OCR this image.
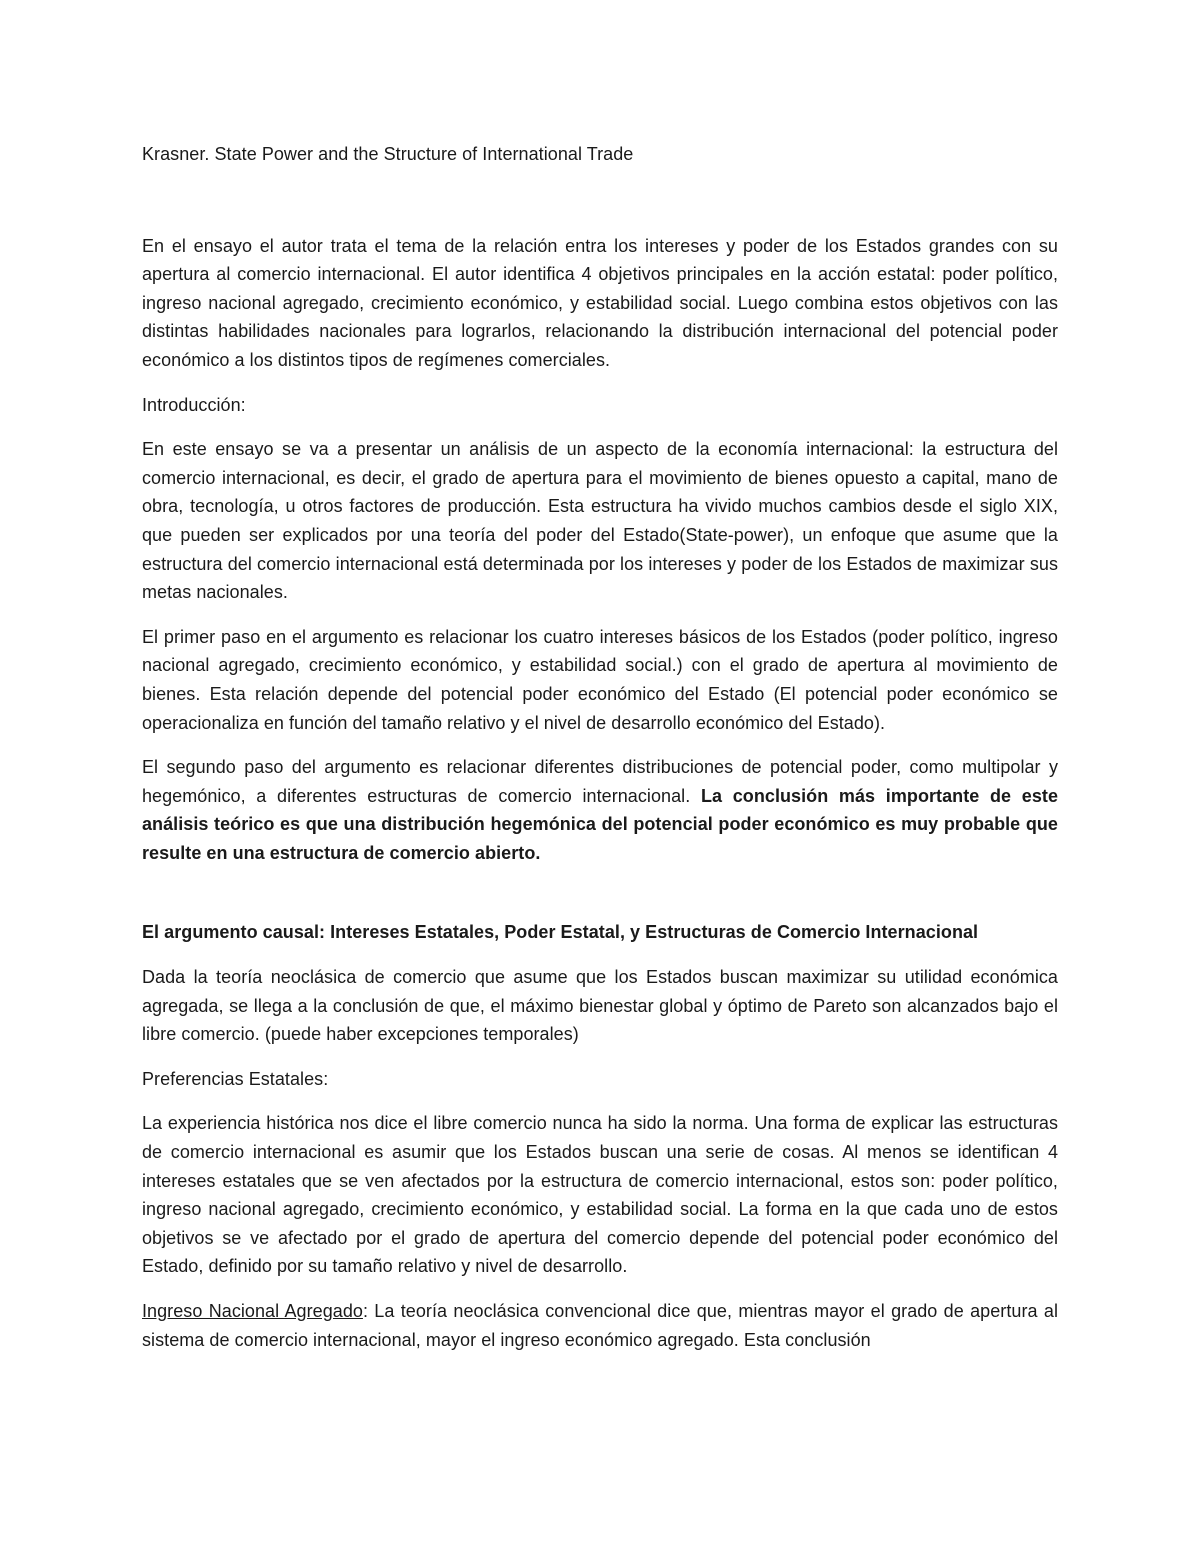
Krasner. State Power and the Structure of International Trade

En el ensayo el autor trata el tema de la relación entra los intereses y poder de los Estados grandes con su apertura al comercio internacional. El autor identifica 4 objetivos principales en la acción estatal: poder político, ingreso nacional agregado, crecimiento económico, y estabilidad social. Luego combina estos objetivos con las distintas habilidades nacionales para lograrlos, relacionando la distribución internacional del potencial poder económico a los distintos tipos de regímenes comerciales.

Introducción:

En este ensayo se va a presentar un análisis de un aspecto de la economía internacional: la estructura del comercio internacional, es decir, el grado de apertura para el movimiento de bienes opuesto a capital, mano de obra, tecnología, u otros factores de producción. Esta estructura ha vivido muchos cambios desde el siglo XIX, que pueden ser explicados por una teoría del poder del Estado(State-power), un enfoque que asume que la estructura del comercio internacional está determinada por los intereses y poder de los Estados de maximizar sus metas nacionales.

El primer paso en el argumento es relacionar los cuatro intereses básicos de los Estados (poder político, ingreso nacional agregado, crecimiento económico, y estabilidad social.) con el grado de apertura al movimiento de bienes. Esta relación depende del potencial poder económico del Estado (El potencial poder económico se operacionaliza en función del tamaño relativo y el nivel de desarrollo económico del Estado).

El segundo paso del argumento es relacionar diferentes distribuciones de potencial poder, como multipolar y hegemónico, a diferentes estructuras de comercio internacional. La conclusión más importante de este análisis teórico es que una distribución hegemónica del potencial poder económico es muy probable que resulte en una estructura de comercio abierto.

El argumento causal: Intereses Estatales, Poder Estatal, y Estructuras de Comercio Internacional

Dada la teoría neoclásica de comercio que asume que los Estados buscan maximizar su utilidad económica agregada, se llega a la conclusión de que, el máximo bienestar global y óptimo de Pareto son alcanzados bajo el libre comercio. (puede haber excepciones temporales)

Preferencias Estatales:

La experiencia histórica nos dice el libre comercio nunca ha sido la norma. Una forma de explicar las estructuras de comercio internacional es asumir que los Estados buscan una serie de cosas. Al menos se identifican 4 intereses estatales que se ven afectados por la estructura de comercio internacional, estos son: poder político, ingreso nacional agregado, crecimiento económico, y estabilidad social. La forma en la que cada uno de estos objetivos se ve afectado por el grado de apertura del comercio depende del potencial poder económico del Estado, definido por su tamaño relativo y nivel de desarrollo.

Ingreso Nacional Agregado: La teoría neoclásica convencional dice que, mientras mayor el grado de apertura al sistema de comercio internacional, mayor el ingreso económico agregado. Esta conclusión
